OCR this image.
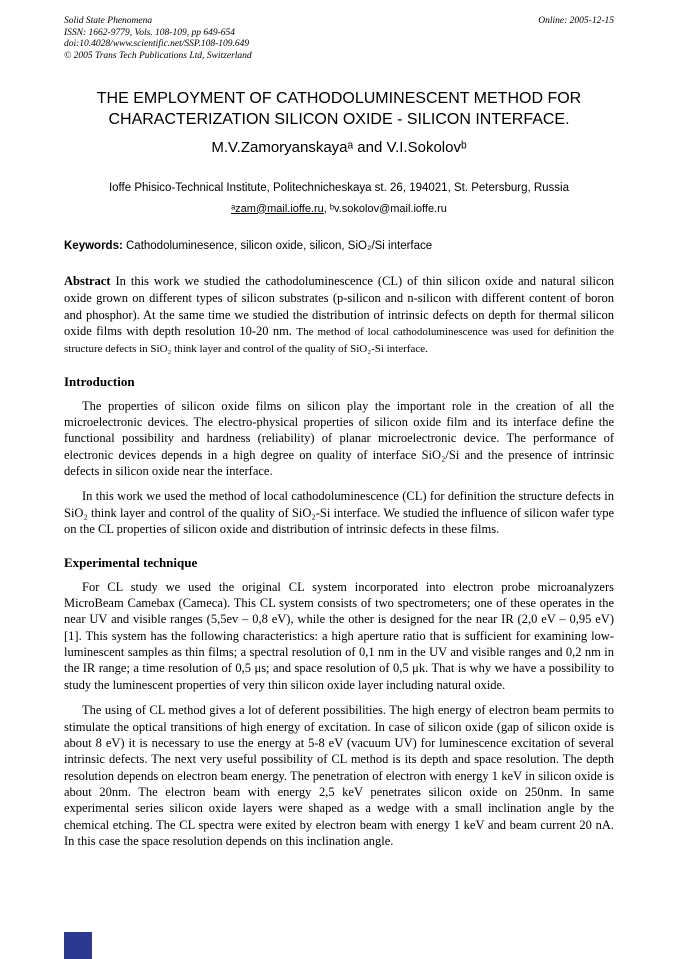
Solid State Phenomena
ISSN: 1662-9779, Vols. 108-109, pp 649-654
doi:10.4028/www.scientific.net/SSP.108-109.649
© 2005 Trans Tech Publications Ltd, Switzerland
Online: 2005-12-15
THE EMPLOYMENT OF CATHODOLUMINESCENT METHOD FOR CHARACTERIZATION SILICON OXIDE - SILICON INTERFACE.
M.V.Zamoryanskayaᵃ and V.I.Sokolovᵇ
Ioffe Phisico-Technical Institute, Politechnicheskaya st. 26, 194021, St. Petersburg, Russia
ᵃzam@mail.ioffe.ru, ᵇv.sokolov@mail.ioffe.ru
Keywords: Cathodoluminesence, silicon oxide, silicon, SiO₂/Si interface
Abstract In this work we studied the cathodoluminescence (CL) of thin silicon oxide and natural silicon oxide grown on different types of silicon substrates (p-silicon and n-silicon with different content of boron and phosphor). At the same time we studied the distribution of intrinsic defects on depth for thermal silicon oxide films with depth resolution 10-20 nm. The method of local cathodoluminescence was used for definition the structure defects in SiO₂ think layer and control of the quality of SiO₂-Si interface.
Introduction

The properties of silicon oxide films on silicon play the important role in the creation of all the microelectronic devices. The electro-physical properties of silicon oxide film and its interface define the functional possibility and hardness (reliability) of planar microelectronic device. The performance of electronic devices depends in a high degree on quality of interface SiO₂/Si and the presence of intrinsic defects in silicon oxide near the interface.

In this work we used the method of local cathodoluminescence (CL) for definition the structure defects in SiO₂ think layer and control of the quality of SiO₂-Si interface. We studied the influence of silicon wafer type on the CL properties of silicon oxide and distribution of intrinsic defects in these films.

Experimental technique

For CL study we used the original CL system incorporated into electron probe microanalyzers MicroBeam Camebax (Cameca). This CL system consists of two spectrometers; one of these operates in the near UV and visible ranges (5,5ev – 0,8 eV), while the other is designed for the near IR (2,0 eV – 0,95 eV) [1]. This system has the following characteristics: a high aperture ratio that is sufficient for examining low-luminescent samples as thin films; a spectral resolution of 0,1 nm in the UV and visible ranges and 0,2 nm in the IR range; a time resolution of 0,5 μs; and space resolution of 0,5 μk. That is why we have a possibility to study the luminescent properties of very thin silicon oxide layer including natural oxide.

The using of CL method gives a lot of deferent possibilities. The high energy of electron beam permits to stimulate the optical transitions of high energy of excitation. In case of silicon oxide (gap of silicon oxide is about 8 eV) it is necessary to use the energy at 5-8 eV (vacuum UV) for luminescence excitation of several intrinsic defects. The next very useful possibility of CL method is its depth and space resolution. The depth resolution depends on electron beam energy. The penetration of electron with energy 1 keV in silicon oxide is about 20nm. The electron beam with energy 2,5 keV penetrates silicon oxide on 250nm. In same experimental series silicon oxide layers were shaped as a wedge with a small inclination angle by the chemical etching. The CL spectra were exited by electron beam with energy 1 keV and beam current 20 nA. In this case the space resolution depends on this inclination angle.
